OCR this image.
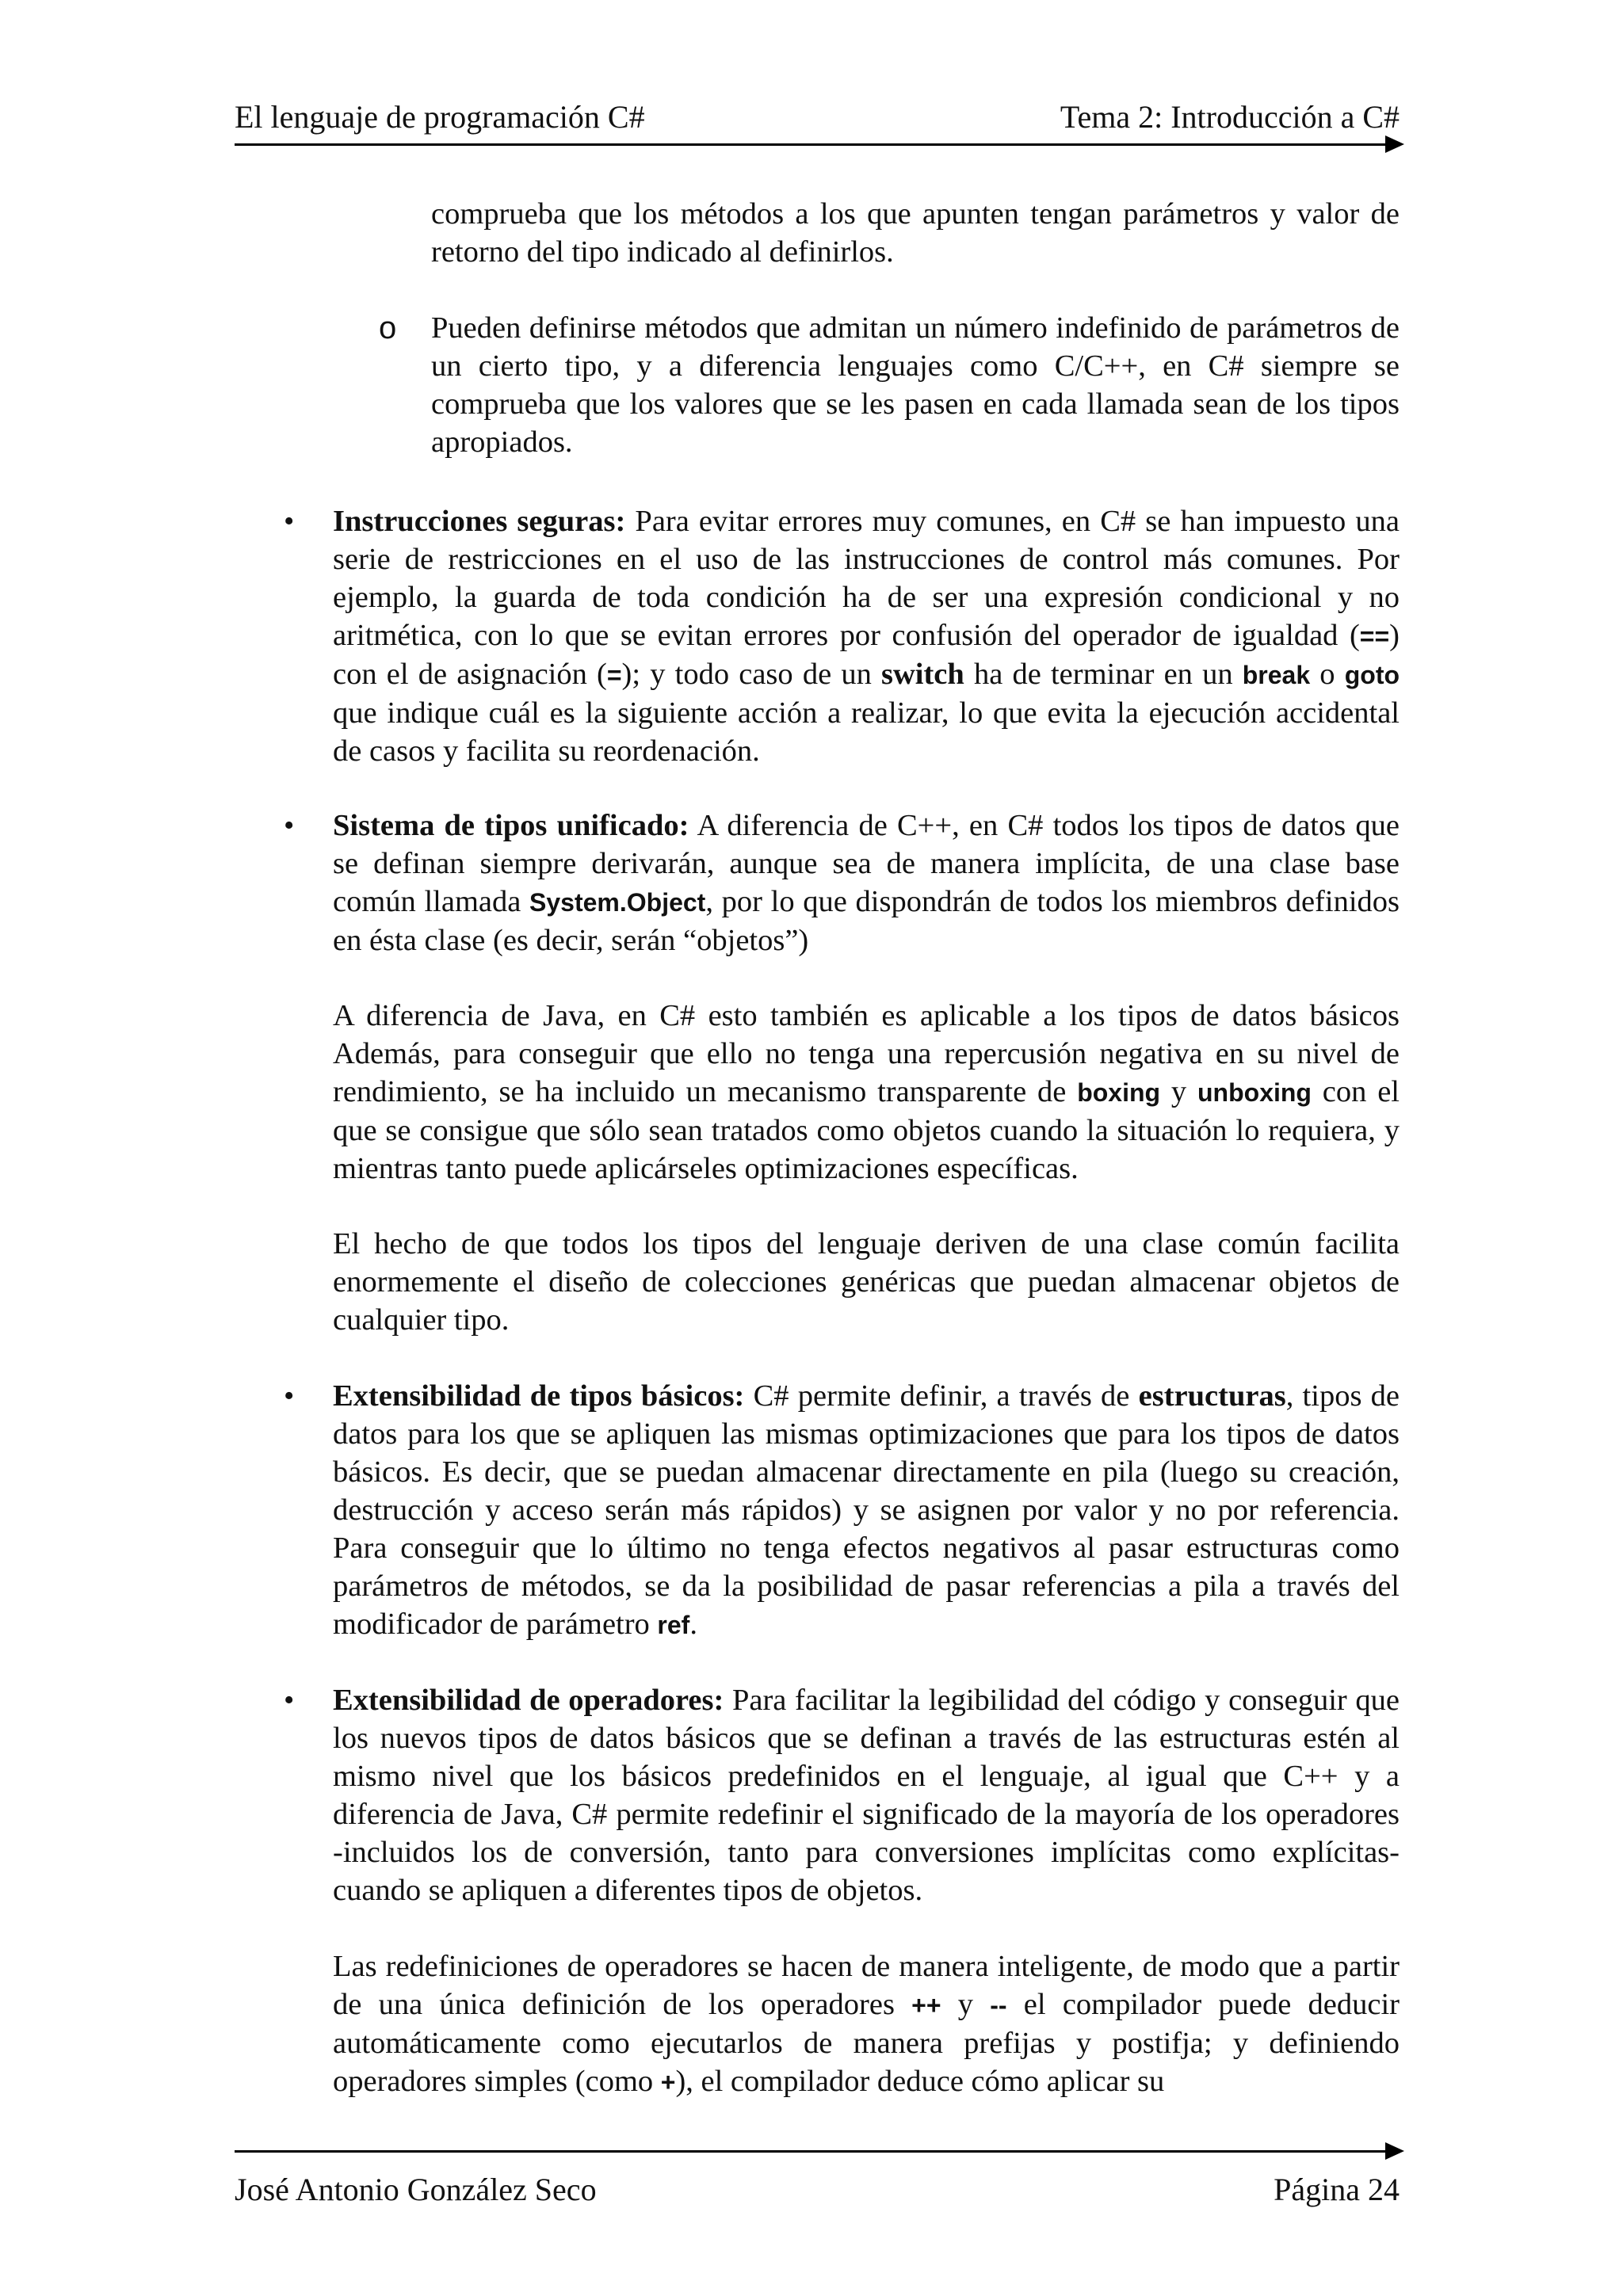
El lenguaje de programación C#	Tema 2: Introducción a C#
comprueba que los métodos a los que apunten tengan parámetros y valor de retorno del tipo indicado al definirlos.
o Pueden definirse métodos que admitan un número indefinido de parámetros de un cierto tipo, y a diferencia lenguajes como C/C++, en C# siempre se comprueba que los valores que se les pasen en cada llamada sean de los tipos apropiados.
• Instrucciones seguras: Para evitar errores muy comunes, en C# se han impuesto una serie de restricciones en el uso de las instrucciones de control más comunes. Por ejemplo, la guarda de toda condición ha de ser una expresión condicional y no aritmética, con lo que se evitan errores por confusión del operador de igualdad (==) con el de asignación (=); y todo caso de un switch ha de terminar en un break o goto que indique cuál es la siguiente acción a realizar, lo que evita la ejecución accidental de casos y facilita su reordenación.
• Sistema de tipos unificado: A diferencia de C++, en C# todos los tipos de datos que se definan siempre derivarán, aunque sea de manera implícita, de una clase base común llamada System.Object, por lo que dispondrán de todos los miembros definidos en ésta clase (es decir, serán “objetos”)
A diferencia de Java, en C# esto también es aplicable a los tipos de datos básicos Además, para conseguir que ello no tenga una repercusión negativa en su nivel de rendimiento, se ha incluido un mecanismo transparente de boxing y unboxing con el que se consigue que sólo sean tratados como objetos cuando la situación lo requiera, y mientras tanto puede aplicárseles optimizaciones específicas.
El hecho de que todos los tipos del lenguaje deriven de una clase común facilita enormemente el diseño de colecciones genéricas que puedan almacenar objetos de cualquier tipo.
• Extensibilidad de tipos básicos: C# permite definir, a través de estructuras, tipos de datos para los que se apliquen las mismas optimizaciones que para los tipos de datos básicos. Es decir, que se puedan almacenar directamente en pila (luego su creación, destrucción y acceso serán más rápidos) y se asignen por valor y no por referencia. Para conseguir que lo último no tenga efectos negativos al pasar estructuras como parámetros de métodos, se da la posibilidad de pasar referencias a pila a través del modificador de parámetro ref.
• Extensibilidad de operadores: Para facilitar la legibilidad del código y conseguir que los nuevos tipos de datos básicos que se definan a través de las estructuras estén al mismo nivel que los básicos predefinidos en el lenguaje, al igual que C++ y a diferencia de Java, C# permite redefinir el significado de la mayoría de los operadores -incluidos los de conversión, tanto para conversiones implícitas como explícitas- cuando se apliquen a diferentes tipos de objetos.
Las redefiniciones de operadores se hacen de manera inteligente, de modo que a partir de una única definición de los operadores ++ y -- el compilador puede deducir automáticamente como ejecutarlos de manera prefijas y postifja; y definiendo operadores simples (como +), el compilador deduce cómo aplicar su
José Antonio González Seco	Página 24
